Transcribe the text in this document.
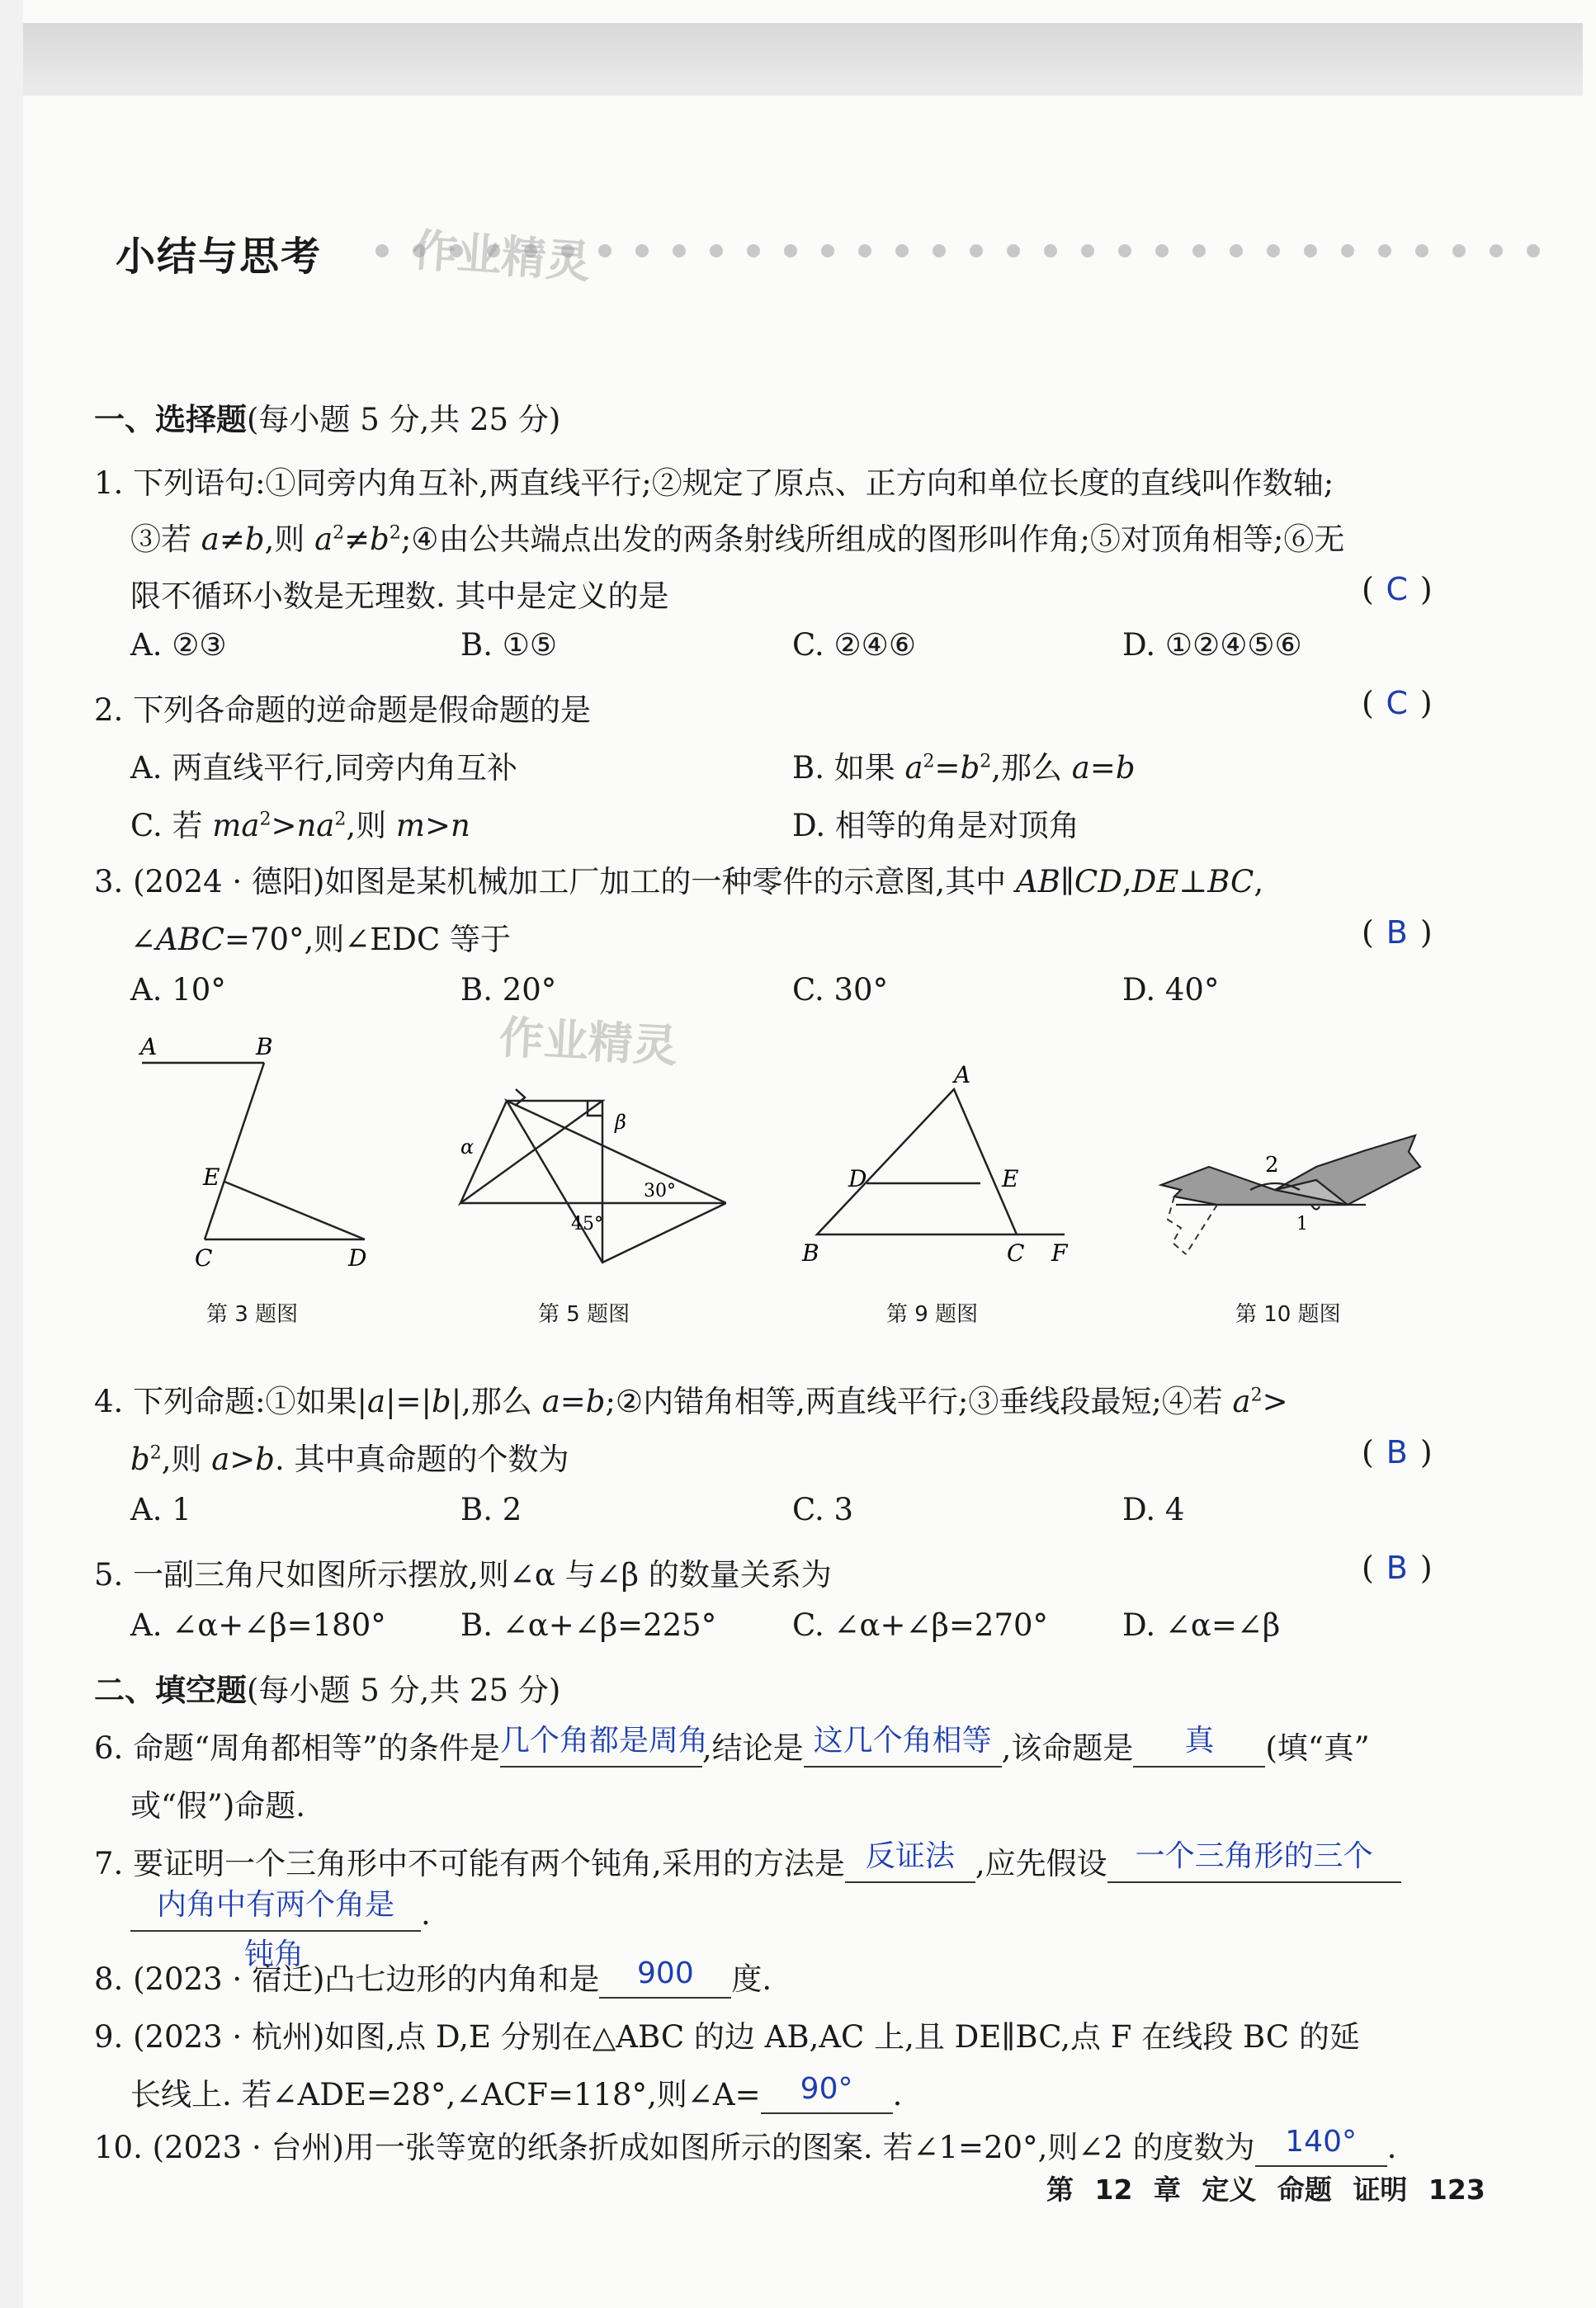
小结与思考 作业精灵
一、选择题(每小题 5 分,共 25 分)
1. 下列语句:①同旁内角互补,两直线平行;②规定了原点、正方向和单位长度的直线叫作数轴;
③若 a≠b,则 $a^2\ne b^2;④$由公共端点出发的两条射线所组成的图形叫作角;⑤对顶角相等;⑥无
限不循环小数是无理数. 其中是定义的是	( C )
A. ②③	B. ①⑤	C. ②④⑥	D. ①②④⑤⑥
2. 下列各命题的逆命题是假命题的是	( C )
A. 两直线平行,同旁内角互补	B. 如果 $a^2=b^2$,那么 a=b
C. 若 $ma^2>na^2$,则 m>n	D. 相等的角是对顶角
3. (2024 · 德阳)如图是某机械加工厂加工的一种零件的示意图,其中 AB∥CD,DE⊥BC,
∠ABC=70°,则∠EDC 等于	( B )
A. 10°	B. 20°	C. 30°	D. 40°
作业精灵
A	B
E
C	D
第 3 题图
α
β
30°
45°
第 5 题图
A
D	E
B	C F
第 9 题图
2
1
第 10 题图
4. 下列命题:①如果|a|=|b|,那么 a=b;②内错角相等,两直线平行;③垂线段最短;④若 $a^2>$
$b^2$,则 a>b. 其中真命题的个数为	( B )
A. 1	B. 2	C. 3	D. 4
5. 一副三角尺如图所示摆放,则∠α 与∠β 的数量关系为	( B )
A. ∠α+∠β=180° B. ∠α+∠β=225° C. ∠α+∠β=270° D. ∠α=∠β
二、填空题(每小题 5 分,共 25 分)
6. 命题“周角都相等”的条件是 几个角都是周角
,结论是 这几个角相等 ,该命题是	真	(填“真”
或“假”)命题.
7. 要证明一个三角形中不可能有两个钝角,采用的方法是 反证法 ,应先假设 一个三角形的三个
内角中有两个角是 .
钝角
8. (2023 · 宿迁)凸七边形的内角和是	900	度.
9. (2023 · 杭州)如图,点 D,E 分别在△ABC 的边 AB,AC 上,且 DE∥BC,点 F 在线段 BC 的延
长线上. 若∠ADE=28°,∠ACF=118°,则∠A=	90°	.
10. (2023 · 台州)用一张等宽的纸条折成如图所示的图案. 若∠1=20°,则∠2 的度数为	140° .
第 12 章 定义 命题 证明 123
